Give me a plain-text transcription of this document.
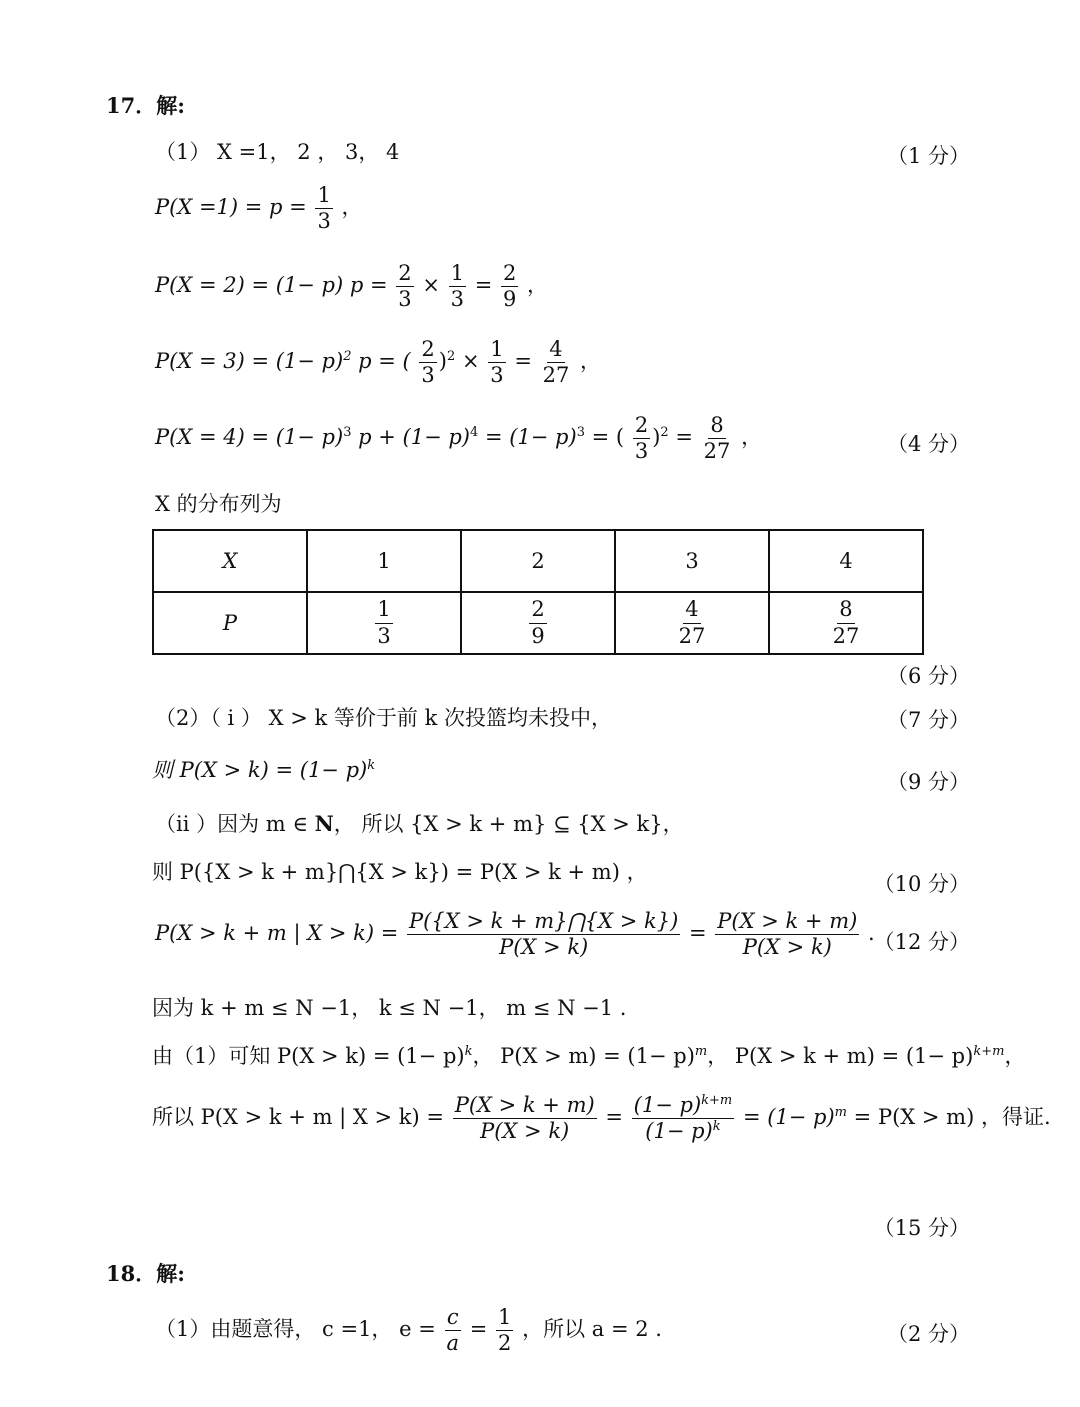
17．解:
（1） X =1， 2 ， 3， 4	（1 分）
$P(X =1) = p = \frac{1}{3}$ ，
P(X = 2) = (1− p) $p = \frac{2}{3} \times \frac{1}{3} = \frac{2}{9}$ ，
$P(X = 3) = (1- p)^2$ p = ( $\frac{2}{3} )^2 \times \frac{1}{3} = \frac{4}{27}$ ，
$P(X = 4) = (1- p)^3$ $p + (1- p)^4 = (1- p)^3$ = ( $\frac{2}{3} )^2 = \frac{8}{27}$ ，	（4 分）
X 的分布列为
X	1	2	3	4
P	$\frac{1}{3}$	$\frac{2}{9}$	$\frac{4}{27}$	$\frac{8}{27}$
（6 分）
（2）（ i ） X > k 等价于前 k 次投篮均未投中，	（7 分）
则 $P(X > k) = (1- p)^k$
（9 分）
（ii ）因为 m ∈ N， 所以 {X > k + m} ⊆ {X > k}，
则 P({X > k + m}⋂{X > k}) = P(X > k + m) ，	（10 分）
P(X > k + m | $X > k) = \frac{P(\{X > k + m\}⋂\{X > k\})}{P(X > k)} = \frac{P(X > k + m)}{P(X > k)}$ .
（12 分）
因为 k + m ≤ N −1， k ≤ N −1， m ≤ N −1 .
由（1）可知 $P(X > k) = (1- p)^k$， $P(X > m) = (1- p)^m$， $P(X > k + m) = (1- p)^{k+m}$，
所以 P(X > k + m | $X > k) = \frac{P(X > k + m)}{P(X > k)} = \frac{(1- p)^{k+m}}{(1- p)^k} = (1- p)^m = P(X > m)$ ，得证.
（15 分）
18．解:
（1）由题意得， c =1， $e = \frac{c}{a} = \frac{1}{2}$ ，所以 a = 2 .	（2 分）
